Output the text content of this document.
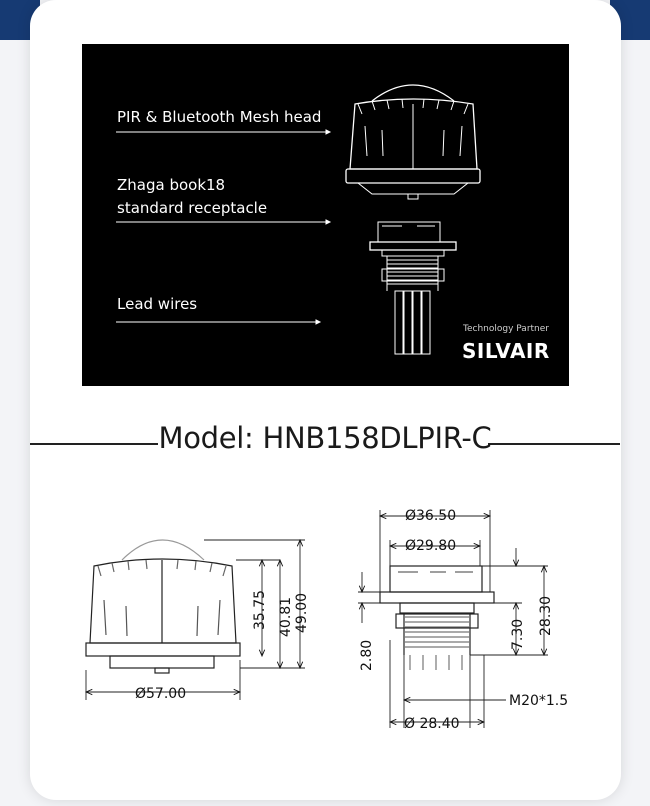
PIR & Bluetooth Mesh head
Zhaga book18
standard receptacle
Lead wires
Technology Partner
SILVAIR
Model: HNB158DLPIR-C
Ø57.00
35.75 40.81 49.00
Ø36.50
Ø29.80
2.80
7.30 28.30
M20*1.5
Ø 28.40
